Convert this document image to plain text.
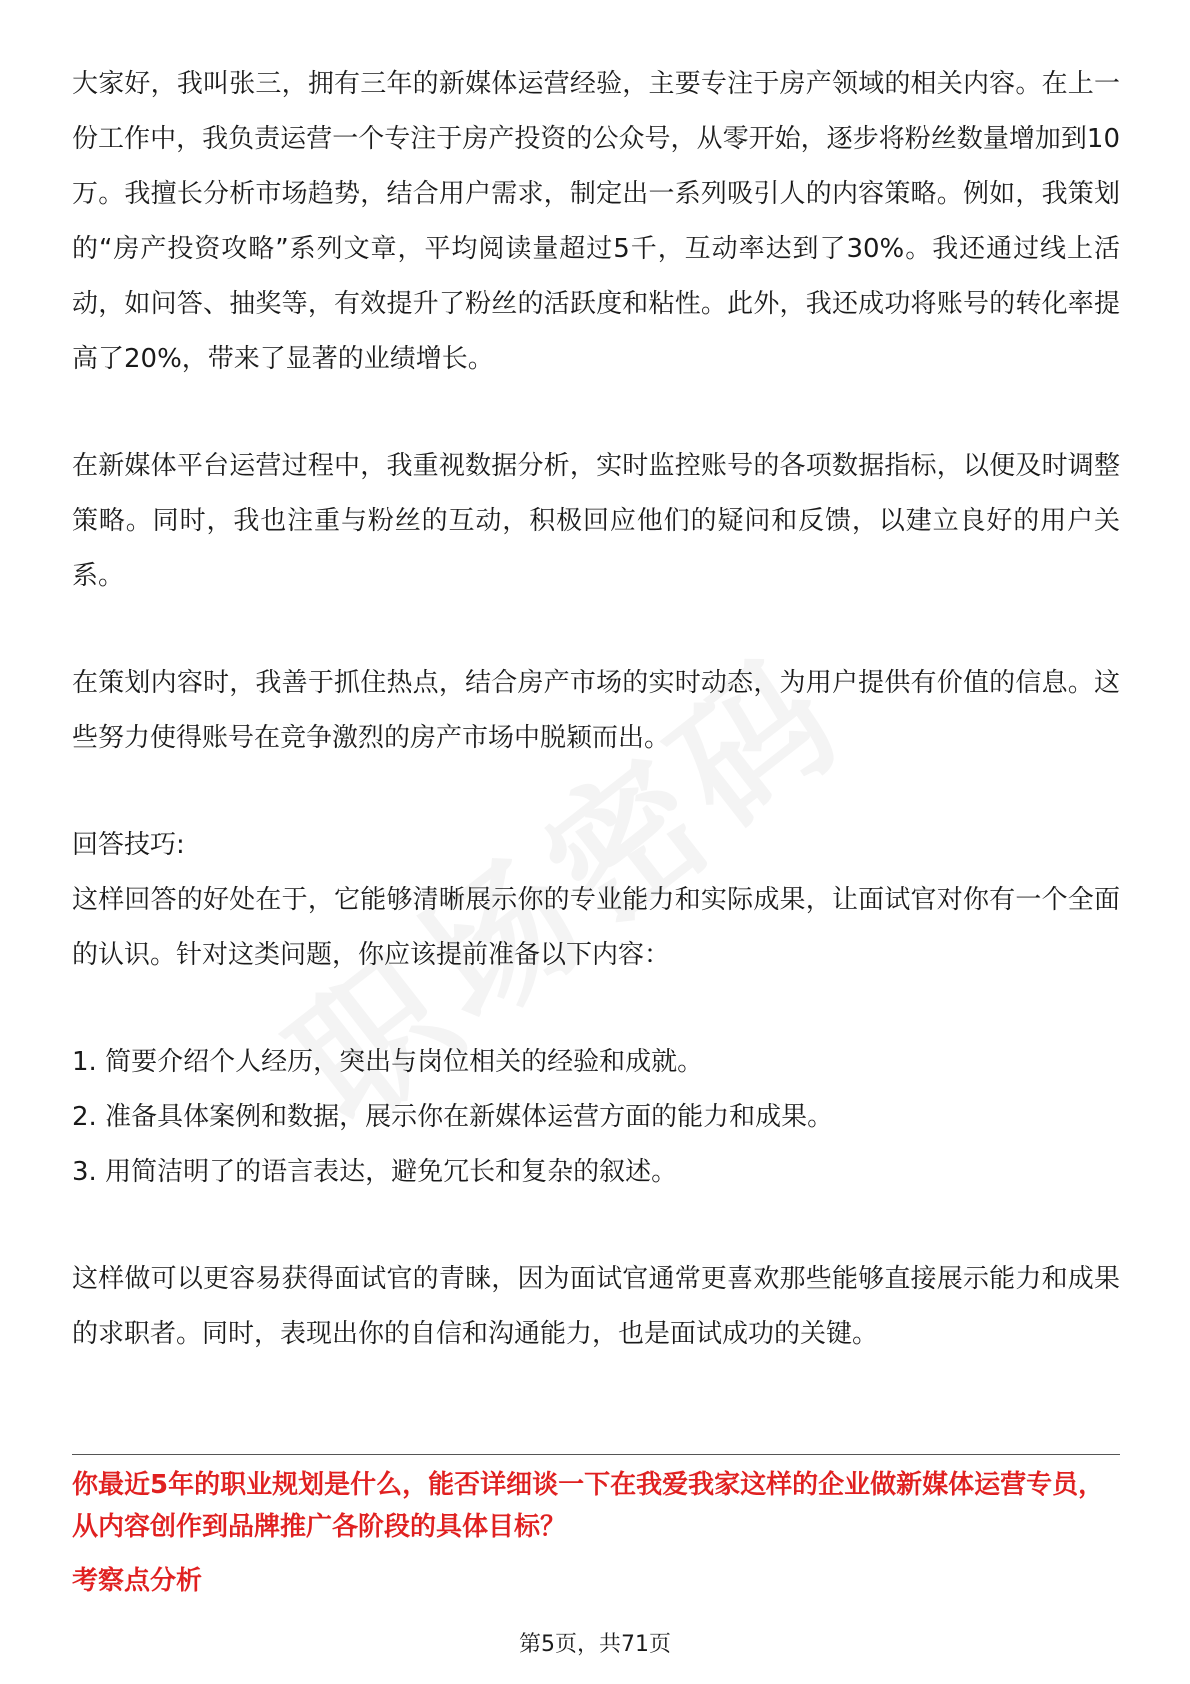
大家好，我叫张三，拥有三年的新媒体运营经验，主要专注于房产领域的相关内容。在上一份工作中，我负责运营一个专注于房产投资的公众号，从零开始，逐步将粉丝数量增加到10万。我擅长分析市场趋势，结合用户需求，制定出一系列吸引人的内容策略。例如，我策划的“房产投资攻略”系列文章，平均阅读量超过5千，互动率达到了30%。我还通过线上活动，如问答、抽奖等，有效提升了粉丝的活跃度和粘性。此外，我还成功将账号的转化率提高了20%，带来了显著的业绩增长。

在新媒体平台运营过程中，我重视数据分析，实时监控账号的各项数据指标，以便及时调整策略。同时，我也注重与粉丝的互动，积极回应他们的疑问和反馈，以建立良好的用户关系。

在策划内容时，我善于抓住热点，结合房产市场的实时动态，为用户提供有价值的信息。这些努力使得账号在竞争激烈的房产市场中脱颖而出。

回答技巧:

这样回答的好处在于，它能够清晰展示你的专业能力和实际成果，让面试官对你有一个全面的认识。针对这类问题，你应该提前准备以下内容：

1. 简要介绍个人经历，突出与岗位相关的经验和成就。

2. 准备具体案例和数据，展示你在新媒体运营方面的能力和成果。

3. 用简洁明了的语言表达，避免冗长和复杂的叙述。

这样做可以更容易获得面试官的青睐，因为面试官通常更喜欢那些能够直接展示能力和成果的求职者。同时，表现出你的自信和沟通能力，也是面试成功的关键。

你最近5年的职业规划是什么，能否详细谈一下在我爱我家这样的企业做新媒体运营专员，从内容创作到品牌推广各阶段的具体目标？

考察点分析

第5页，共71页
